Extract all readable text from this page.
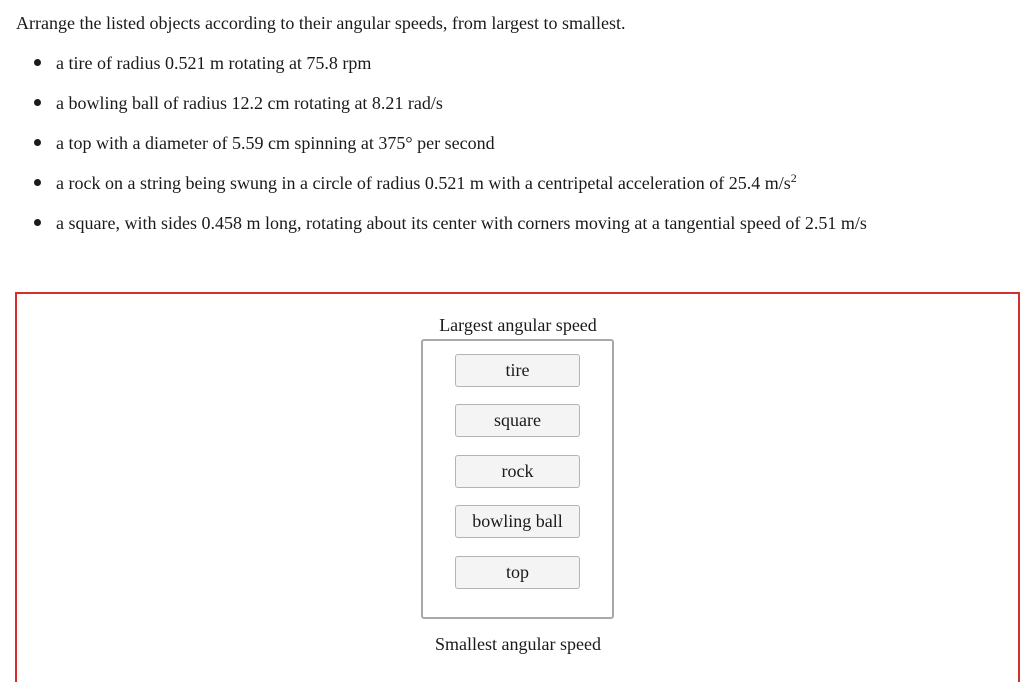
Arrange the listed objects according to their angular speeds, from largest to smallest.
a tire of radius 0.521 m rotating at 75.8 rpm
a bowling ball of radius 12.2 cm rotating at 8.21 rad/s
a top with a diameter of 5.59 cm spinning at 375° per second
a rock on a string being swung in a circle of radius 0.521 m with a centripetal acceleration of 25.4 $m/s^2$
a square, with sides 0.458 m long, rotating about its center with corners moving at a tangential speed of 2.51 m/s
Largest angular speed
tire
square
rock
bowling ball
top
Smallest angular speed
